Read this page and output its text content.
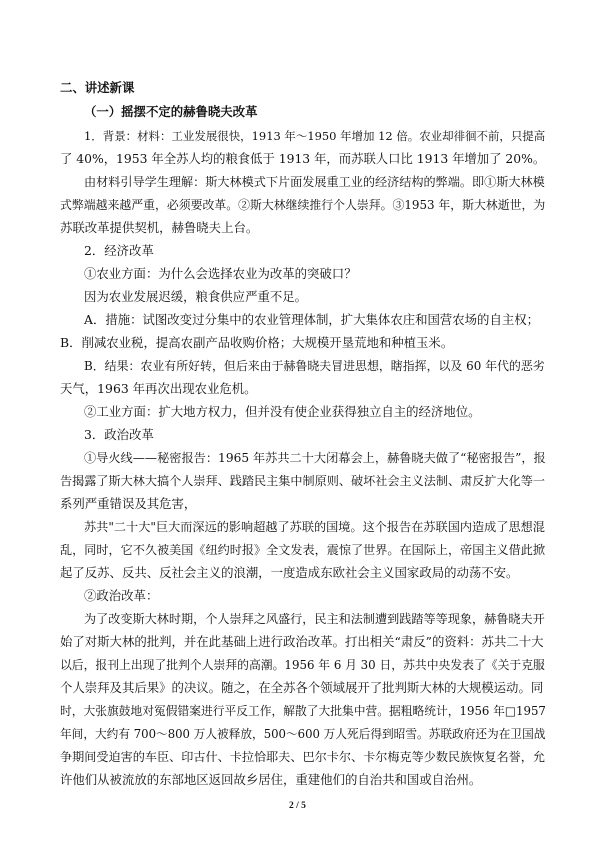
二、讲述新课
（一）摇摆不定的赫鲁晓夫改革
1．背景：材料：工业发展很快，1913 年～1950 年增加 12 倍。农业却徘徊不前，只提高
了 40%，1953 年全苏人均的粮食低于 1913 年，而苏联人口比 1913 年增加了 20%。
由材料引导学生理解：斯大林模式下片面发展重工业的经济结构的弊端。即①斯大林模
式弊端越来越严重，必须要改革。②斯大林继续推行个人崇拜。③1953 年，斯大林逝世，为
苏联改革提供契机，赫鲁晓夫上台。
2．经济改革
①农业方面：为什么会选择农业为改革的突破口？
因为农业发展迟缓，粮食供应严重不足。
A．措施：试图改变过分集中的农业管理体制，扩大集体农庄和国营农场的自主权；
B．削减农业税，提高农副产品收购价格；大规模开垦荒地和种植玉米。
B．结果：农业有所好转，但后来由于赫鲁晓夫冒进思想，瞎指挥，以及 60 年代的恶劣
天气，1963 年再次出现农业危机。
②工业方面：扩大地方权力，但并没有使企业获得独立自主的经济地位。
3．政治改革
①导火线——秘密报告：1965 年苏共二十大闭幕会上，赫鲁晓夫做了“秘密报告”，报
告揭露了斯大林大搞个人崇拜、践踏民主集中制原则、破坏社会主义法制、肃反扩大化等一
系列严重错误及其危害，
苏共"二十大"巨大而深远的影响超越了苏联的国境。这个报告在苏联国内造成了思想混
乱，同时，它不久被美国《纽约时报》全文发表，震惊了世界。在国际上，帝国主义借此掀
起了反苏、反共、反社会主义的浪潮，一度造成东欧社会主义国家政局的动荡不安。
②政治改革：
为了改变斯大林时期，个人崇拜之风盛行，民主和法制遭到践踏等等现象，赫鲁晓夫开
始了对斯大林的批判，并在此基础上进行政治改革。打出相关“肃反”的资料：苏共二十大
以后，报刊上出现了批判个人崇拜的高潮。1956 年 6 月 30 日，苏共中央发表了《关于克服
个人崇拜及其后果》的决议。随之，在全苏各个领域展开了批判斯大林的大规模运动。同
时，大张旗鼓地对冤假错案进行平反工作，解散了大批集中营。据粗略统计，1956 年□1957
年间，大约有 700～800 万人被释放，500～600 万人死后得到昭雪。苏联政府还为在卫国战
争期间受迫害的车臣、印古什、卡拉恰耶夫、巴尔卡尔、卡尔梅克等少数民族恢复名誉，允
许他们从被流放的东部地区返回故乡居住，重建他们的自治共和国或自治州。
2 / 5
